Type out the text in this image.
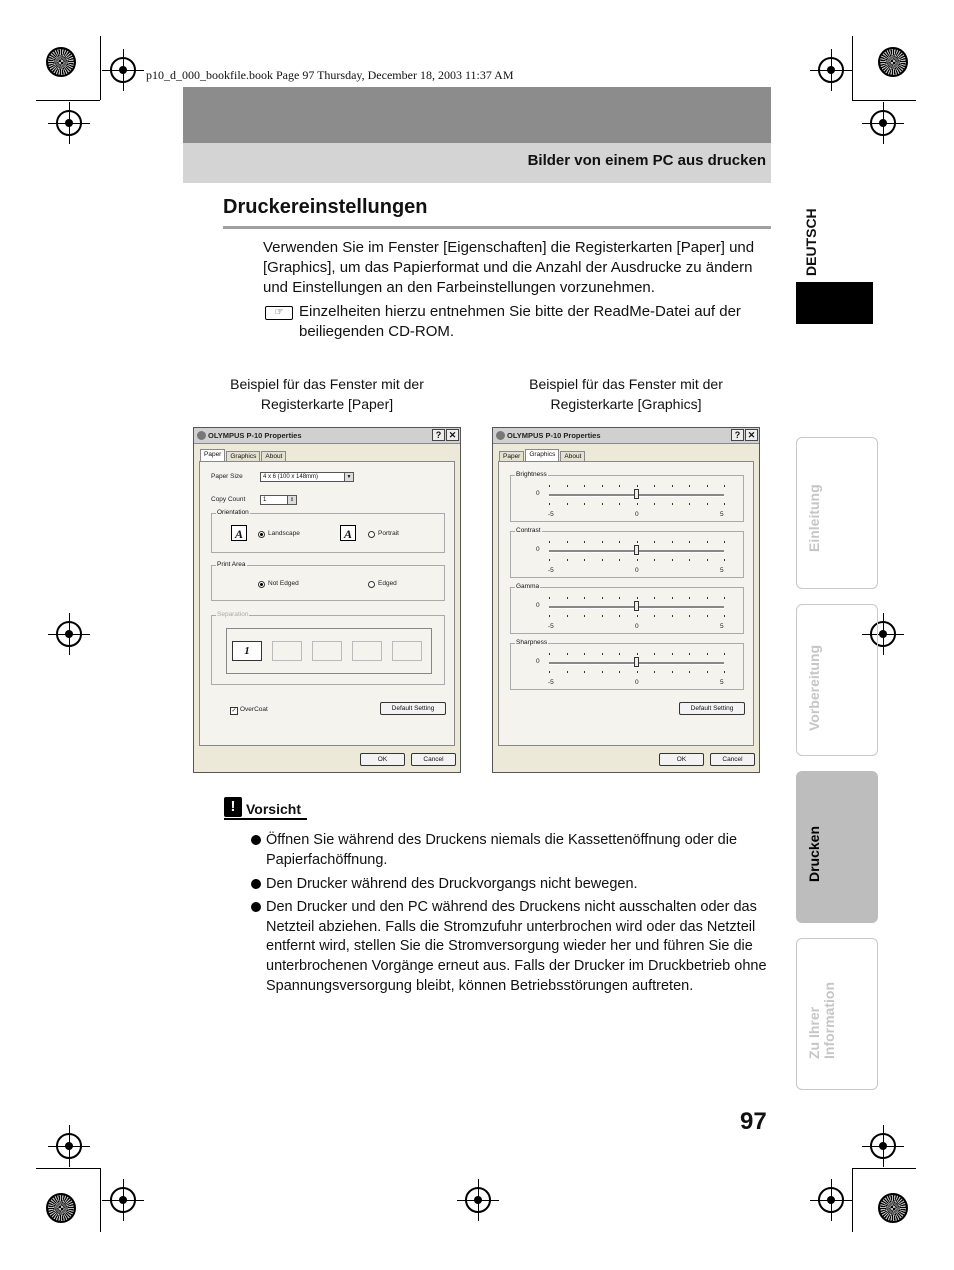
p10_d_000_bookfile.book Page 97 Thursday, December 18, 2003 11:37 AM
Bilder von einem PC aus drucken
Druckereinstellungen
Verwenden Sie im Fenster [Eigenschaften] die Registerkarten [Paper] und [Graphics], um das Papierformat und die Anzahl der Ausdrucke zu ändern und Einstellungen an den Farbeinstellungen vorzunehmen.
☞	Einzelheiten hierzu entnehmen Sie bitte der ReadMe-Datei auf der beiliegenden CD-ROM.
Beispiel für das Fenster mit der
Registerkarte [Paper]
Beispiel für das Fenster mit der
Registerkarte [Graphics]
OLYMPUS P-10 Properties	? ✕
Paper Graphics About
Paper Size	4 x 6 (100 x 148mm)	▼
Copy Count	1	⇕
Orientation
A	Landscape	A	Portrait
Print Area
Not Edged	Edged
Separation
1
✓ OverCoat	Default Setting
OK	Cancel
OLYMPUS P-10 Properties	? ✕
Paper Graphics About
Brightness
0
-5	0	5
Contrast
0
-5	0	5
Gamma
0
-5	0	5
Sharpness
0
-5	0	5
Default Setting
OK	Cancel
! Vorsicht
Öffnen Sie während des Druckens niemals die Kassettenöffnung oder die Papierfachöffnung.
Den Drucker während des Druckvorgangs nicht bewegen.
Den Drucker und den PC während des Druckens nicht ausschalten oder das Netzteil abziehen. Falls die Stromzufuhr unterbrochen wird oder das Netzteil entfernt wird, stellen Sie die Stromversorgung wieder her und führen Sie die unterbrochenen Vorgänge erneut aus. Falls der Drucker im Druckbetrieb ohne Spannungsversorgung bleibt, können Betriebsstörungen auftreten.
DEUTSCH
Einleitung
Vorbereitung
Drucken
Zu Ihrer Information
97
